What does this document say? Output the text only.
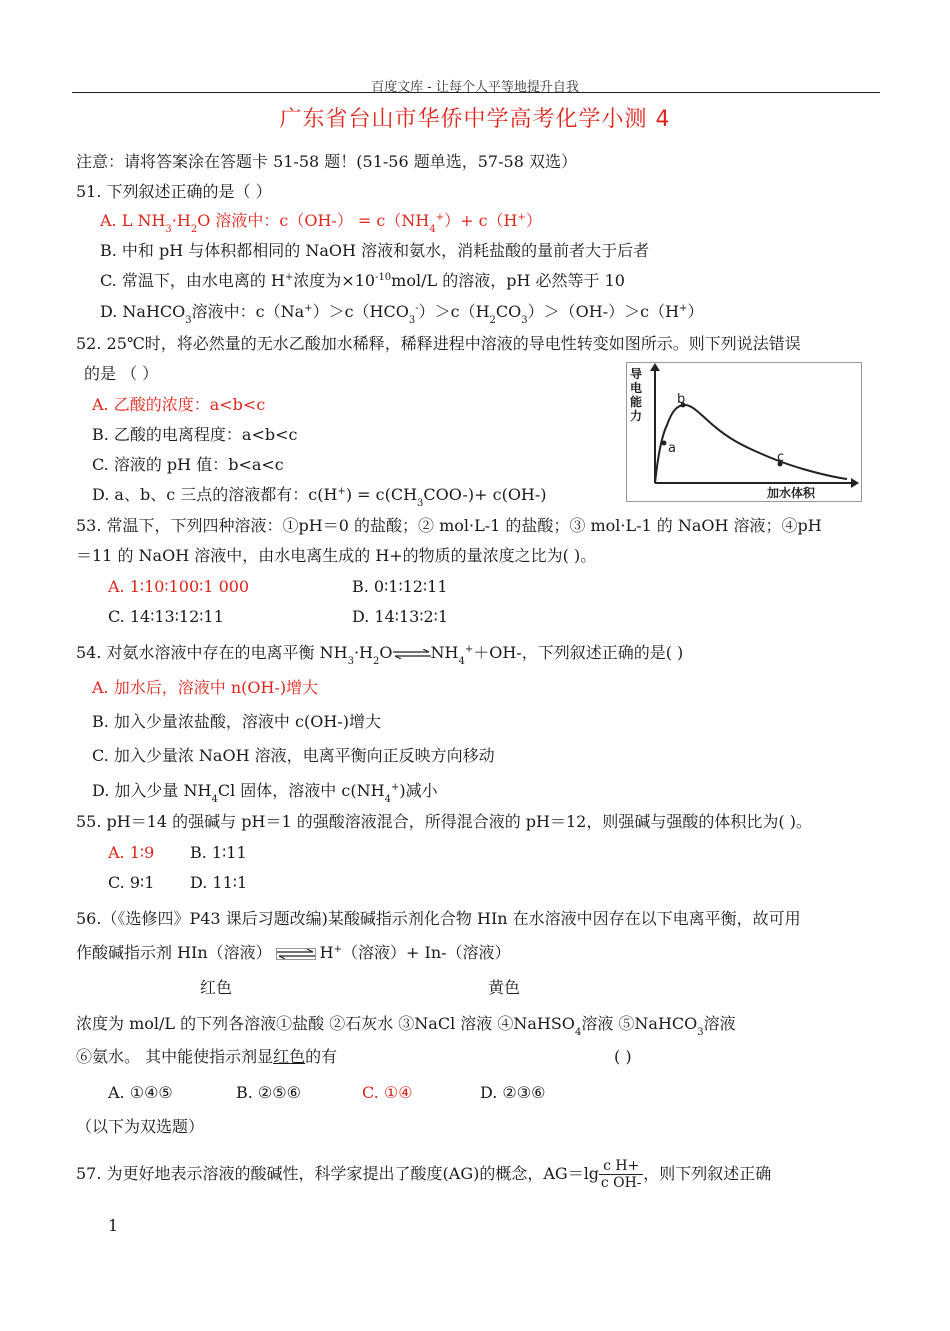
百度文库 - 让每个人平等地提升自我
广东省台山市华侨中学高考化学小测 4
注意：请将答案涂在答题卡 51-58 题！(51-56 题单选，57-58 双选）
51. 下列叙述正确的是（ ）
A. L $NH_3\cdot H_2O$ 溶液中：$c(OH-) = c(NH_4^+)+ c(H^+)$
B. 中和 pH 与体积都相同的 NaOH 溶液和氨水，消耗盐酸的量前者大于后者
C. 常温下，由水电离的 H+浓度为$\times 10^{-10}mol/L$ 的溶液，pH 必然等于 10
D. NaHCO$_3$溶液中：$c(Na^+)>c(HCO_3^-)>c(H_2CO_3)>(OH-)>c(H^+)$
52. 25℃时，将必然量的无水乙酸加水稀释，稀释进程中溶液的导电性转变如图所示。则下列说法错误
的是 （ ）
A. 乙酸的浓度：a<b<c
B. 乙酸的电离程度：a<b<c
C. 溶液的 pH 值：b<a<c
D. a、b、c 三点的溶液都有：$c(H^+) = c(CH_3COO-)+ c(OH-)$
a
b
c
加水体积
导电能力
53. 常温下，下列四种溶液：①pH＝0 的盐酸；② mol·L-1 的盐酸；③ mol·L-1 的 NaOH 溶液；④pH
＝11 的 NaOH 溶液中，由水电离生成的 H+的物质的量浓度之比为( )。
A. 1∶10∶100∶1 000	B. 0∶1∶12∶11
C. 14∶13∶12∶11	D. 14∶13∶2∶1
54. 对氨水溶液中存在的电离平衡 $NH_3\cdot H_2O\rightleftharpoons NH_4^++OH-$，下列叙述正确的是( )
A. 加水后，溶液中 n(OH-)增大
B. 加入少量浓盐酸，溶液中 c(OH-)增大
C. 加入少量浓 NaOH 溶液，电离平衡向正反映方向移动
D. 加入少量 $NH_4Cl$ 固体，溶液中 $c(NH_4^+)$减小
55. pH＝14 的强碱与 pH＝1 的强酸溶液混合，所得混合液的 pH＝12，则强碱与强酸的体积比为( )。
A. 1∶9 B. 1∶11
C. 9∶1 D. 11∶1
56.（《选修四》P43 课后习题改编)某酸碱指示剂化合物 HIn 在水溶液中因存在以下电离平衡，故可用
作酸碱指示剂 HIn（溶液） ⇌ H+（溶液）+ In-（溶液）
红色	黄色
浓度为 mol/L 的下列各溶液①盐酸 ②石灰水 ③NaCl 溶液 ④NaHSO$_4$溶液 ⑤NaHCO$_3$溶液
⑥氨水。 其中能使指示剂显红色的有	( )
A. ①④⑤	B. ②⑤⑥	C. ①④	D. ②③⑥
（以下为双选题）
57. 为更好地表示溶液的酸碱性，科学家提出了酸度(AG)的概念，$AG=\lg \frac{\text{c H+}}{\text{c OH-}}$ ，则下列叙述正确
1
